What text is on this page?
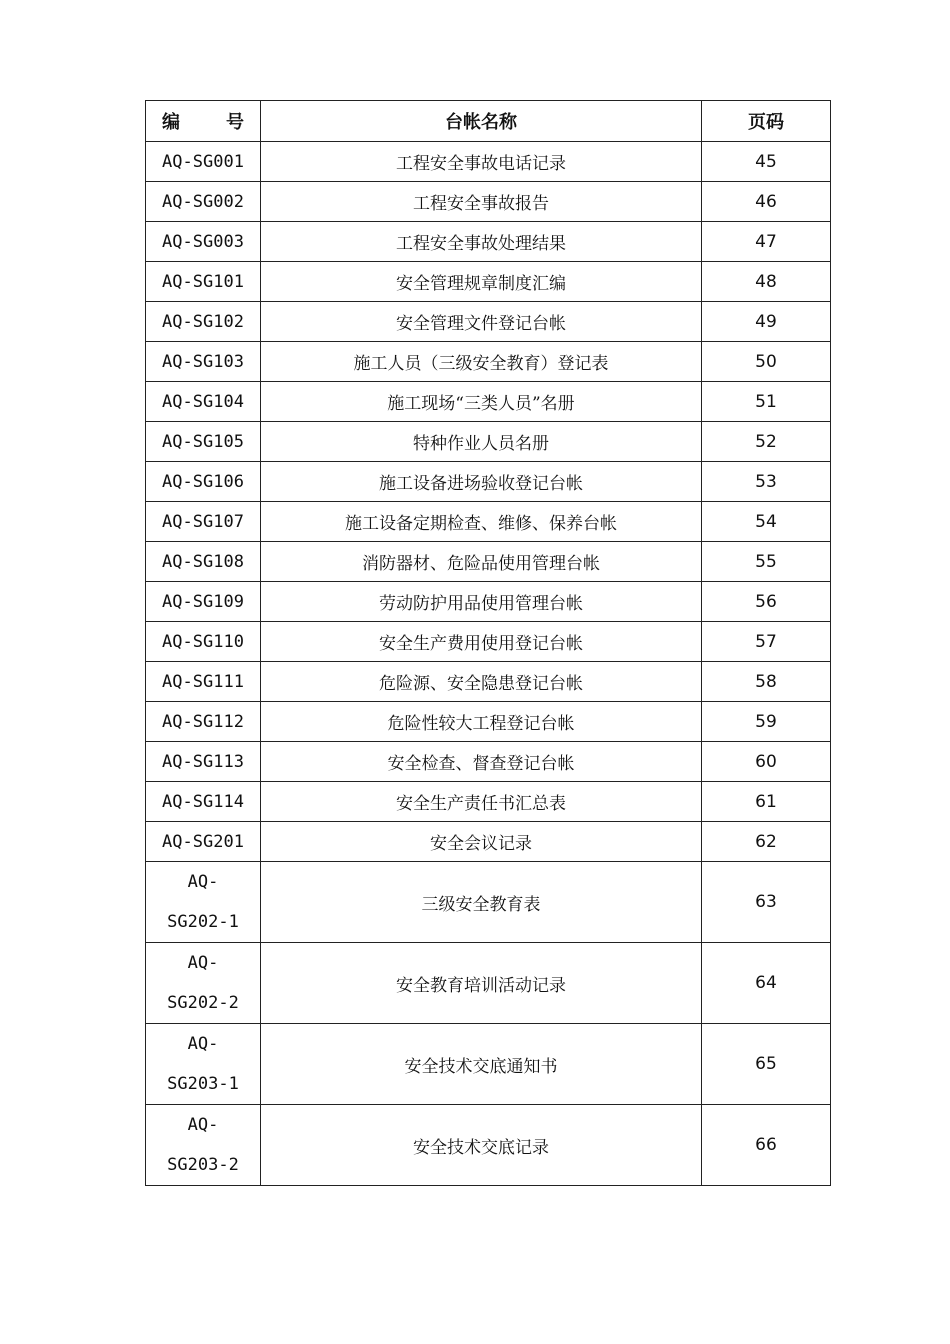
编 号	台帐名称	页码
AQ-SG001	工程安全事故电话记录	45
AQ-SG002	工程安全事故报告	46
AQ-SG003	工程安全事故处理结果	47
AQ-SG101	安全管理规章制度汇编	48
AQ-SG102	安全管理文件登记台帐	49
AQ-SG103	施工人员（三级安全教育）登记表	50
AQ-SG104	施工现场“三类人员”名册	51
AQ-SG105	特种作业人员名册	52
AQ-SG106	施工设备进场验收登记台帐	53
AQ-SG107	施工设备定期检查、维修、保养台帐	54
AQ-SG108	消防器材、危险品使用管理台帐	55
AQ-SG109	劳动防护用品使用管理台帐	56
AQ-SG110	安全生产费用使用登记台帐	57
AQ-SG111	危险源、安全隐患登记台帐	58
AQ-SG112	危险性较大工程登记台帐	59
AQ-SG113	安全检查、督查登记台帐	60
AQ-SG114	安全生产责任书汇总表	61
AQ-SG201	安全会议记录	62

AQ-
SG202-1	三级安全教育表	63

AQ-
SG202-2	安全教育培训活动记录	64

AQ-
SG203-1	安全技术交底通知书	65

AQ-
SG203-2	安全技术交底记录	66
